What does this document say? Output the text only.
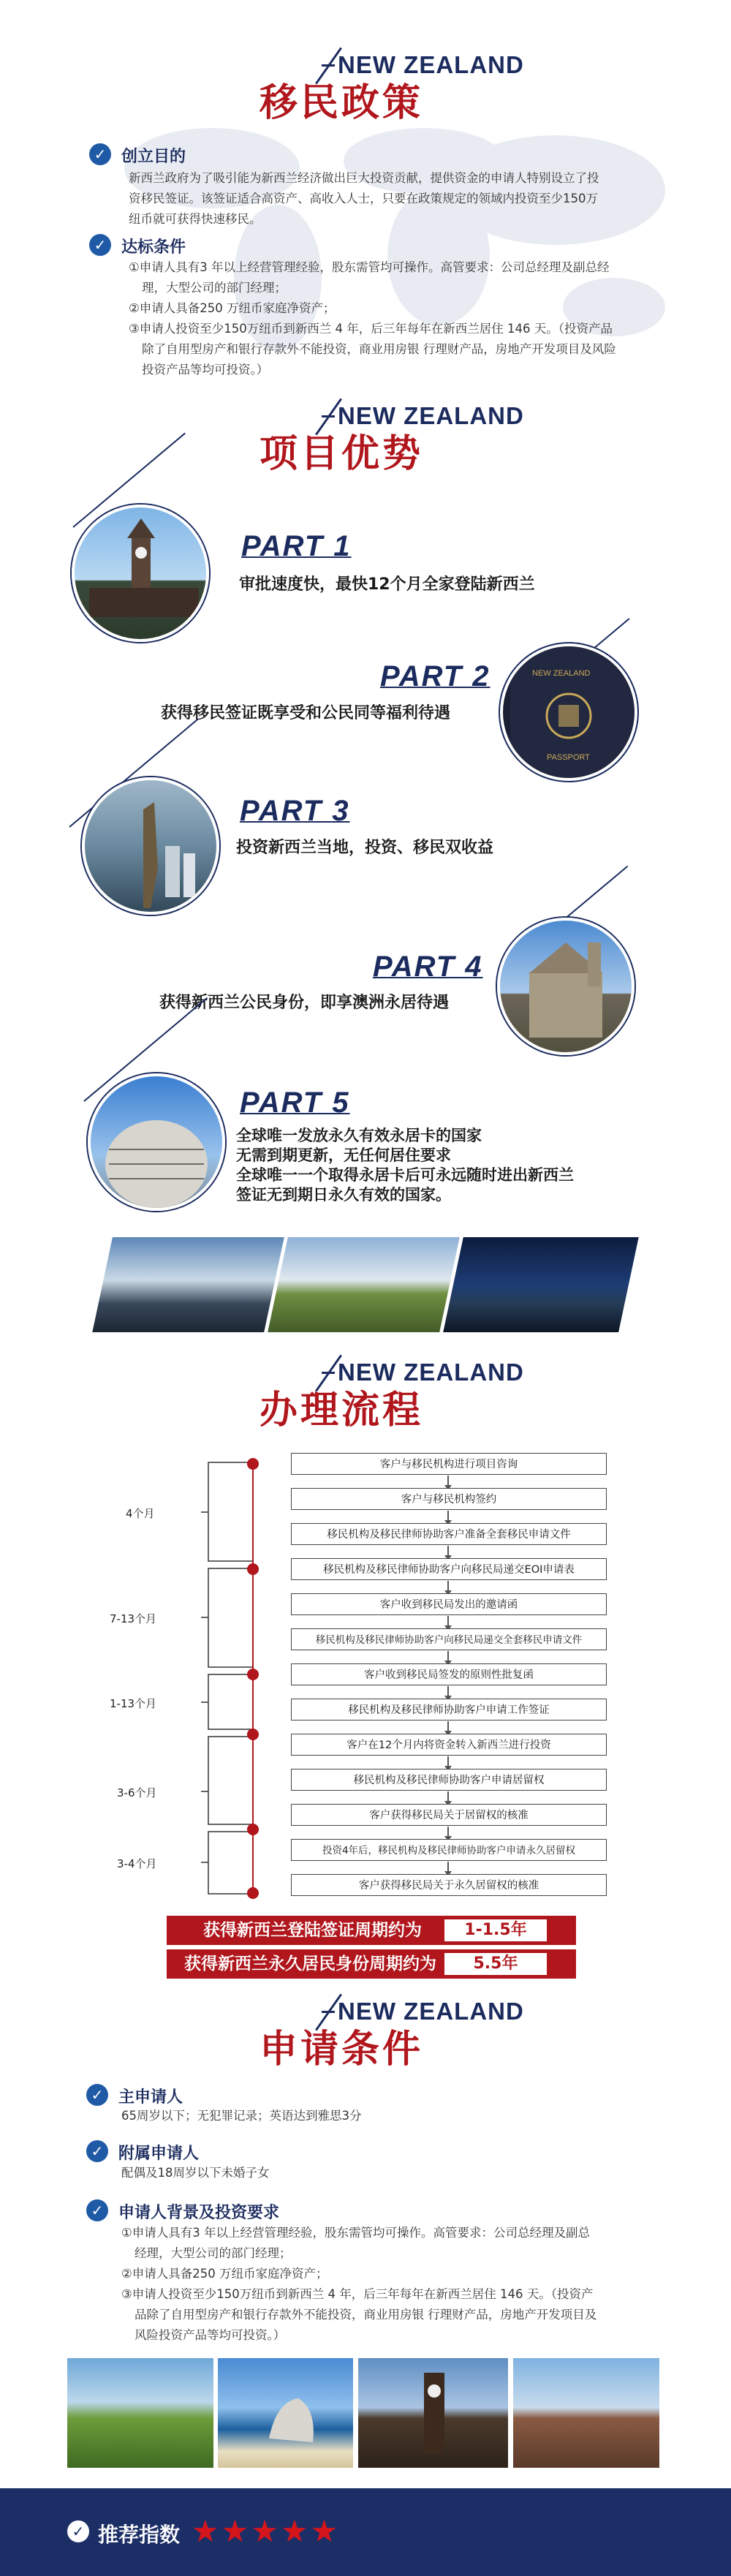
NEW ZEALAND
移民政策
✓ 创立目的
新西兰政府为了吸引能为新西兰经济做出巨大投资贡献，提供资金的申请人特别设立了投
资移民签证。该签证适合高资产、高收入人士，只要在政策规定的领域内投资至少150万
纽币就可获得快速移民。
✓ 达标条件
①申请人具有3 年以上经营管理经验，股东需管均可操作。高管要求：公司总经理及副总经
理，大型公司的部门经理；
②申请人具备250 万纽币家庭净资产；
③申请人投资至少150万纽币到新西兰 4 年，后三年每年在新西兰居住 146 天。（投资产品
除了自用型房产和银行存款外不能投资，商业用房银 行理财产品，房地产开发项目及风险
投资产品等均可投资。）
NEW ZEALAND
项目优势
PART 1
审批速度快，最快12个月全家登陆新西兰
NEW ZEALAND
PASSPORT
PART 2
获得移民签证既享受和公民同等福利待遇
PART 3
投资新西兰当地，投资、移民双收益
PART 4
获得新西兰公民身份，即享澳洲永居待遇
PART 5
全球唯一发放永久有效永居卡的国家
无需到期更新，无任何居住要求
全球唯一一个取得永居卡后可永远随时进出新西兰
签证无到期日永久有效的国家。
NEW ZEALAND
办理流程
4个月
7-13个月
1-13个月
3-6个月
3-4个月
客户与移民机构进行项目咨询
客户与移民机构签约
移民机构及移民律师协助客户准备全套移民申请文件
移民机构及移民律师协助客户向移民局递交EOI申请表
客户收到移民局发出的邀请函
移民机构及移民律师协助客户向移民局递交全套移民申请文件
客户收到移民局签发的原则性批复函
移民机构及移民律师协助客户申请工作签证
客户在12个月内将资金转入新西兰进行投资
移民机构及移民律师协助客户申请居留权
客户获得移民局关于居留权的核准
投资4年后，移民机构及移民律师协助客户申请永久居留权
客户获得移民局关于永久居留权的核准
获得新西兰登陆签证周期约为	1-1.5年
获得新西兰永久居民身份周期约为	5.5年
NEW ZEALAND
申请条件
✓ 主申请人
65周岁以下；无犯罪记录；英语达到雅思3分
✓ 附属申请人
配偶及18周岁以下未婚子女
✓ 申请人背景及投资要求
①申请人具有3 年以上经营管理经验，股东需管均可操作。高管要求：公司总经理及副总
经理，大型公司的部门经理；
②申请人具备250 万纽币家庭净资产；
③申请人投资至少150万纽币到新西兰 4 年，后三年每年在新西兰居住 146 天。（投资产
品除了自用型房产和银行存款外不能投资，商业用房银 行理财产品，房地产开发项目及
风险投资产品等均可投资。）
✓ 推荐指数 ★★★★★
